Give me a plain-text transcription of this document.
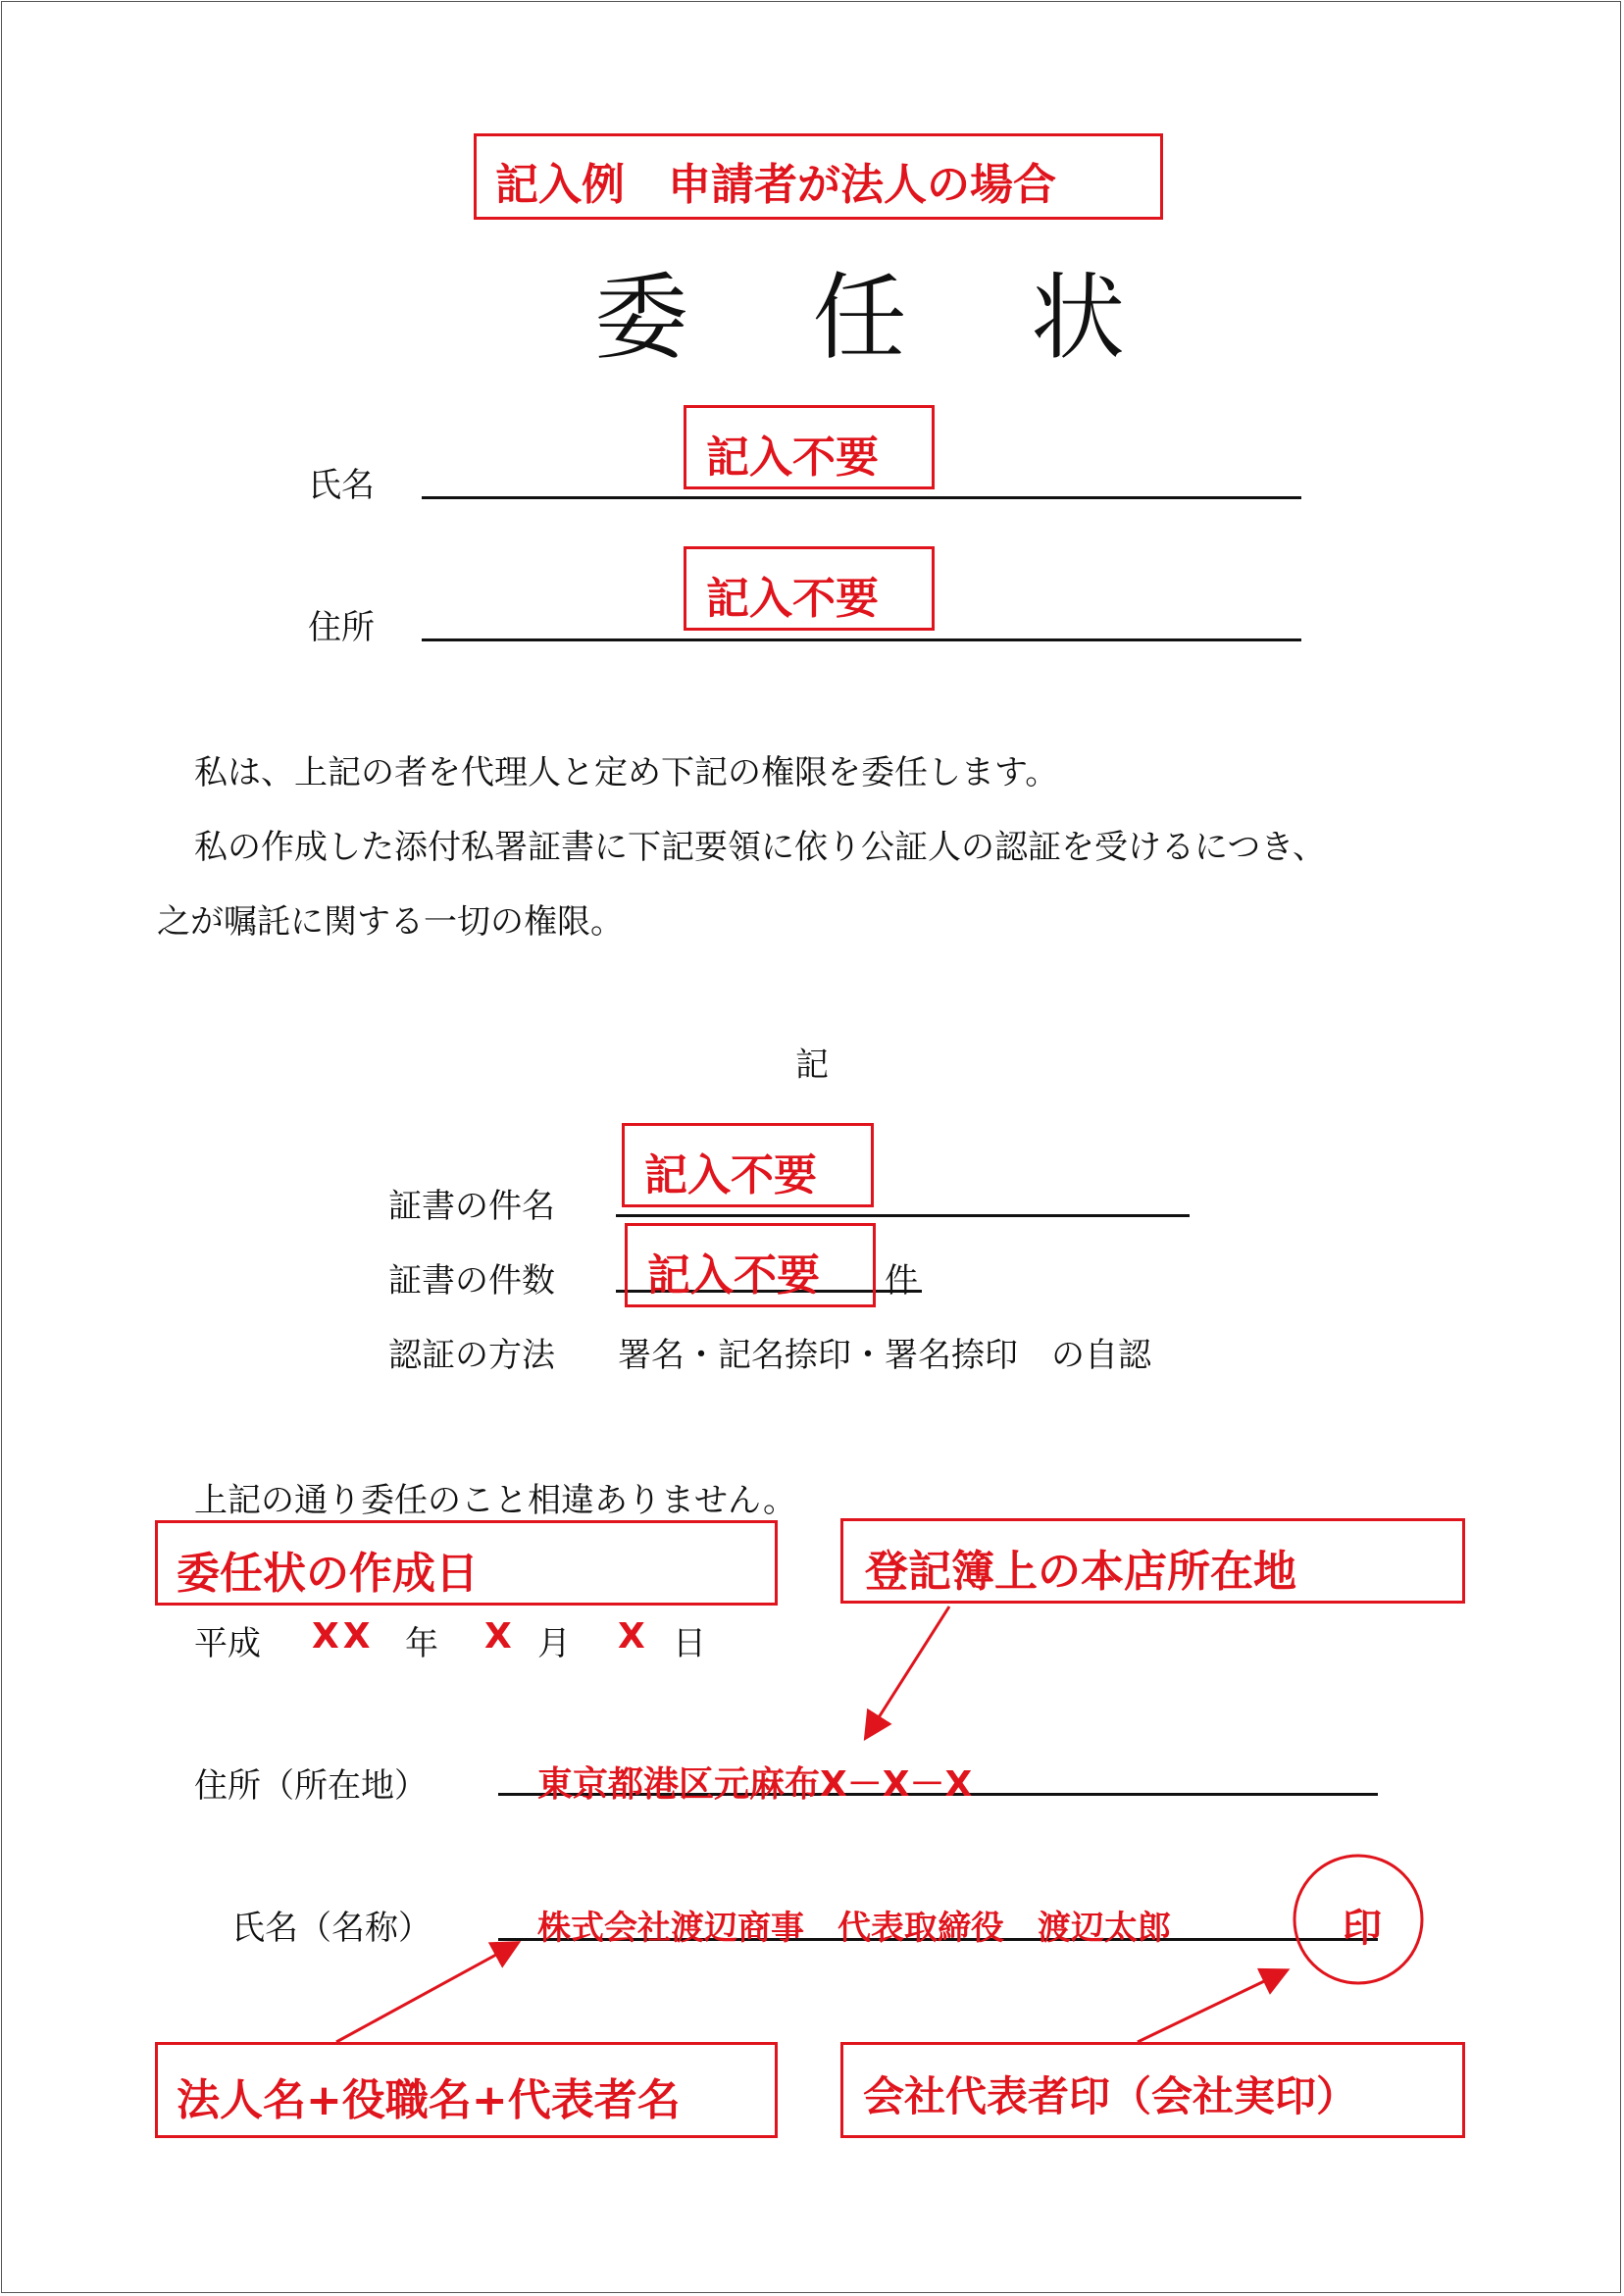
記入例　申請者が法人の場合
委 任 状
氏名
記入不要
住所
記入不要
私は、上記の者を代理人と定め下記の権限を委任します。
私の作成した添付私署証書に下記要領に依り公証人の認証を受けるにつき、
之が嘱託に関する一切の権限。
記
証書の件名
記入不要
証書の件数 記入不要 件
認証の方法 署名・記名捺印・署名捺印　の自認
上記の通り委任のこと相違ありません。
委任状の作成日
平成 XX 年 X 月 X 日
登記簿上の本店所在地
住所（所在地）	東京都港区元麻布X－X－X
氏名（名称）	株式会社渡辺商事　代表取締役　渡辺太郎	印
法人名+役職名+代表者名	会社代表者印（会社実印）
